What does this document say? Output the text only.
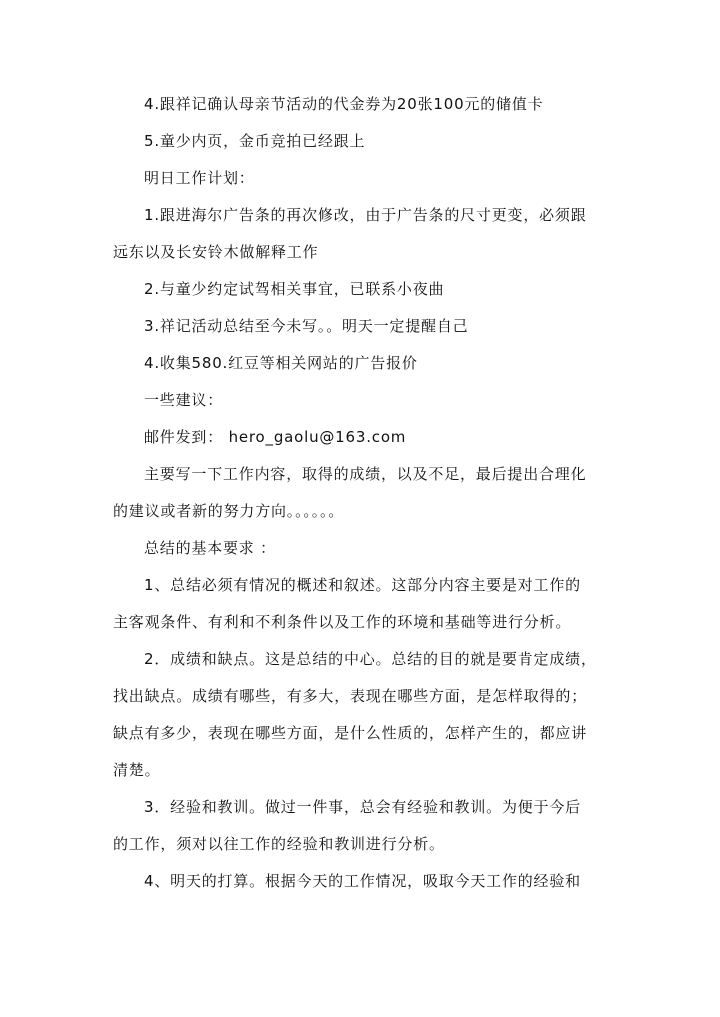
4.跟祥记确认母亲节活动的代金券为20张100元的储值卡
5.童少内页，金币竞拍已经跟上
明日工作计划：
1.跟进海尔广告条的再次修改，由于广告条的尺寸更变，必须跟
远东以及长安铃木做解释工作
2.与童少约定试驾相关事宜，已联系小夜曲
3.祥记活动总结至今未写。。明天一定提醒自己
4.收集580.红豆等相关网站的广告报价
一些建议：
邮件发到： hero_gaolu@163.com
主要写一下工作内容，取得的成绩，以及不足，最后提出合理化
的建议或者新的努力方向。。。。。。
总结的基本要求 ：
1、总结必须有情况的概述和叙述。这部分内容主要是对工作的
主客观条件、有利和不利条件以及工作的环境和基础等进行分析。
2．成绩和缺点。这是总结的中心。总结的目的就是要肯定成绩，
找出缺点。成绩有哪些，有多大，表现在哪些方面，是怎样取得的；
缺点有多少，表现在哪些方面，是什么性质的，怎样产生的，都应讲
清楚。
3．经验和教训。做过一件事，总会有经验和教训。为便于今后
的工作，须对以往工作的经验和教训进行分析。
4、明天的打算。根据今天的工作情况，吸取今天工作的经验和
